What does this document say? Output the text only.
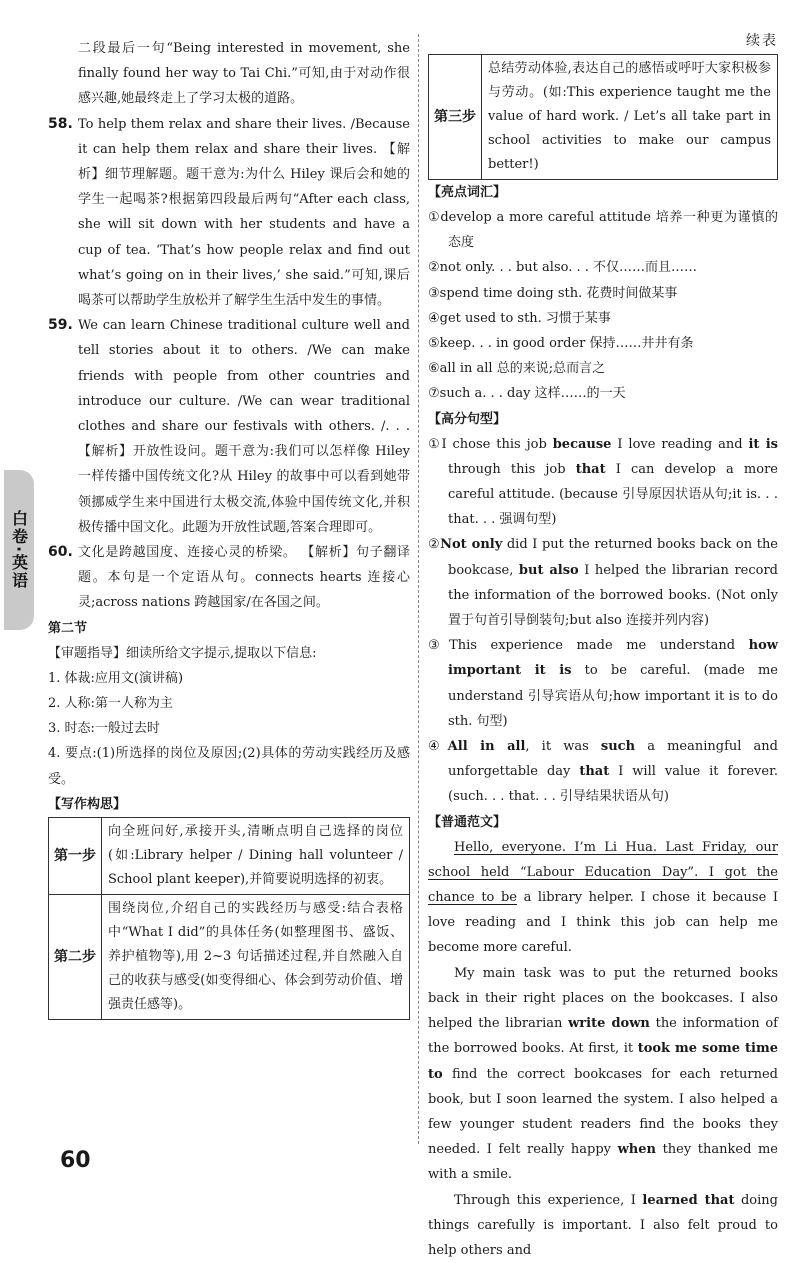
白卷·英语

二段最后一句“Being interested in movement, she finally found her way to Tai Chi.”可知,由于对动作很感兴趣,她最终走上了学习太极的道路。

58. To help them relax and share their lives. /Because it can help them relax and share their lives. 【解析】细节理解题。题干意为:为什么 Hiley 课后会和她的学生一起喝茶?根据第四段最后两句“After each class, she will sit down with her students and have a cup of tea. ‘That’s how people relax and find out what’s going on in their lives,’ she said.”可知,课后喝茶可以帮助学生放松并了解学生生活中发生的事情。
59. We can learn Chinese traditional culture well and tell stories about it to others. /We can make friends with people from other countries and introduce our culture. /We can wear traditional clothes and share our festivals with others. /. . . 【解析】开放性设问。题干意为:我们可以怎样像 Hiley 一样传播中国传统文化?从 Hiley 的故事中可以看到她带领挪威学生来中国进行太极交流,体验中国传统文化,并积极传播中国文化。此题为开放性试题,答案合理即可。
60. 文化是跨越国度、连接心灵的桥梁。 【解析】句子翻译题。本句是一个定语从句。connects hearts 连接心灵;across nations 跨越国家/在各国之间。
第二节

【审题指导】细读所给文字提示,提取以下信息:

1. 体裁:应用文(演讲稿)

2. 人称:第一人称为主

3. 时态:一般过去时

4. 要点:(1)所选择的岗位及原因;(2)具体的劳动实践经历及感受。

【写作构思】
第一步	向全班问好,承接开头,清晰点明自己选择的岗位(如:Library helper / Dining hall volunteer / School plant keeper),并简要说明选择的初衷。
第二步	围绕岗位,介绍自己的实践经历与感受:结合表格中“What I did”的具体任务(如整理图书、盛饭、养护植物等),用 2~3 句话描述过程,并自然融入自己的收获与感受(如变得细心、体会到劳动价值、增强责任感等)。
续表
第三步	总结劳动体验,表达自己的感悟或呼吁大家积极参与劳动。(如:This experience taught me the value of hard work. / Let’s all take part in school activities to make our campus better!)
【亮点词汇】

①develop a more careful attitude 培养一种更为谨慎的态度

②not only. . . but also. . . 不仅……而且……

③spend time doing sth. 花费时间做某事

④get used to sth. 习惯于某事

⑤keep. . . in good order 保持……井井有条

⑥all in all 总的来说;总而言之

⑦such a. . . day 这样……的一天

【高分句型】

①I chose this job because I love reading and it is through this job that I can develop a more careful attitude. (because 引导原因状语从句;it is. . . that. . . 强调句型)

②Not only did I put the returned books back on the bookcase, but also I helped the librarian record the information of the borrowed books. (Not only 置于句首引导倒装句;but also 连接并列内容)

③This experience made me understand how important it is to be careful. (made me understand 引导宾语从句;how important it is to do sth. 句型)

④All in all, it was such a meaningful and unforgettable day that I will value it forever. (such. . . that. . . 引导结果状语从句)

【普通范文】

Hello, everyone. I’m Li Hua. Last Friday, our school held “Labour Education Day”. I got the chance to be a library helper. I chose it because I love reading and I think this job can help me become more careful.

My main task was to put the returned books back in their right places on the bookcases. I also helped the librarian write down the information of the borrowed books. At first, it took me some time to find the correct bookcases for each returned book, but I soon learned the system. I also helped a few younger student readers find the books they needed. I felt really happy when they thanked me with a smile.

Through this experience, I learned that doing things carefully is important. I also felt proud to help others and

60
